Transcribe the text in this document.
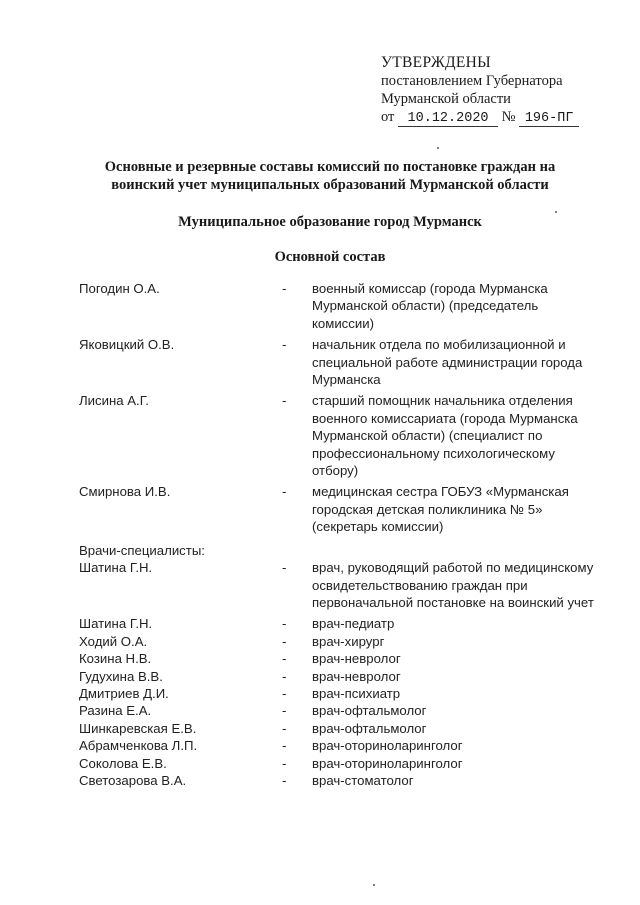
УТВЕРЖДЕНЫ
постановлением Губернатора
Мурманской области
от 10.12.2020 № 196-ПГ
Основные и резервные составы комиссий по постановке граждан на
воинский учет муниципальных образований Мурманской области
Муниципальное образование город Мурманск
Основной состав
Погодин О.А.	-	военный комиссар (города Мурманска Мурманской области) (председатель комиссии)
Яковицкий О.В.	-	начальник отдела по мобилизационной и специальной работе администрации города Мурманска
Лисина А.Г.	-	старший помощник начальника отделения военного комиссариата (города Мурманска Мурманской области) (специалист по профессиональному психологическому отбору)
Смирнова И.В.	-	медицинская сестра ГОБУЗ «Мурманская городская детская поликлиника № 5» (секретарь комиссии)
Врачи-специалисты:
Шатина Г.Н.	-	врач, руководящий работой по медицинскому освидетельствованию граждан при первоначальной постановке на воинский учет
Шатина Г.Н.	-	врач-педиатр
Ходий О.А.	-	врач-хирург
Козина Н.В.	-	врач-невролог
Гудухина В.В.	-	врач-невролог
Дмитриев Д.И.	-	врач-психиатр
Разина Е.А.	-	врач-офтальмолог
Шинкаревская Е.В.	-	врач-офтальмолог
Абрамченкова Л.П.	-	врач-оториноларинголог
Соколова Е.В.	-	врач-оториноларинголог
Светозарова В.А.	-	врач-стоматолог
